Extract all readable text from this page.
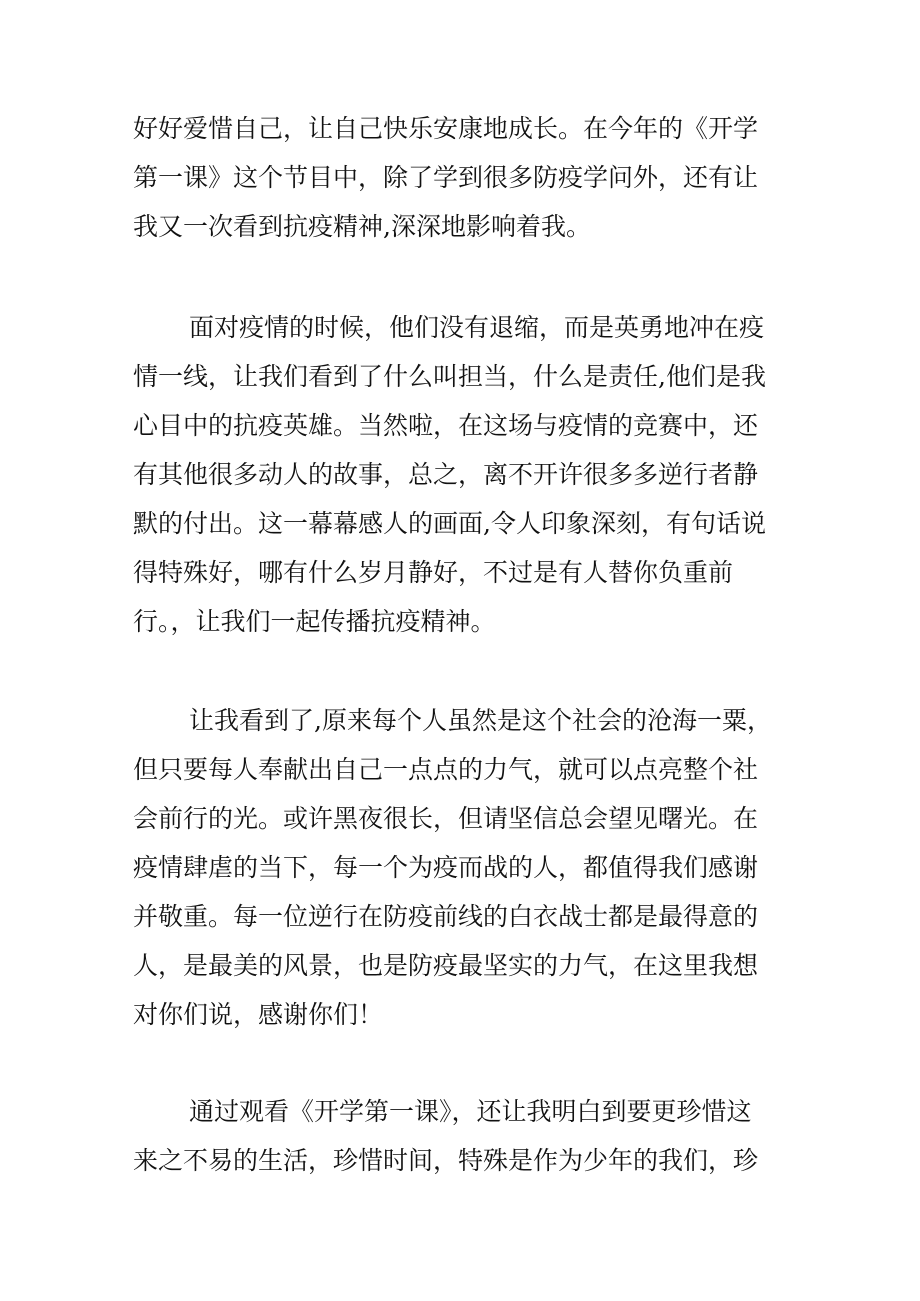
好好爱惜自己，让自己快乐安康地成长。在今年的《开学
第一课》这个节目中，除了学到很多防疫学问外，还有让
我又一次看到抗疫精神,深深地影响着我。
面对疫情的时候，他们没有退缩，而是英勇地冲在疫
情一线，让我们看到了什么叫担当，什么是责任,他们是我
心目中的抗疫英雄。当然啦，在这场与疫情的竞赛中，还
有其他很多动人的故事，总之，离不开许很多多逆行者静
默的付出。这一幕幕感人的画面,令人印象深刻，有句话说
得特殊好，哪有什么岁月静好，不过是有人替你负重前
行。，让我们一起传播抗疫精神。
让我看到了,原来每个人虽然是这个社会的沧海一粟，
但只要每人奉献出自己一点点的力气，就可以点亮整个社
会前行的光。或许黑夜很长，但请坚信总会望见曙光。在
疫情肆虐的当下，每一个为疫而战的人，都值得我们感谢
并敬重。每一位逆行在防疫前线的白衣战士都是最得意的
人，是最美的风景，也是防疫最坚实的力气，在这里我想
对你们说，感谢你们！
通过观看《开学第一课》，还让我明白到要更珍惜这
来之不易的生活，珍惜时间，特殊是作为少年的我们，珍
